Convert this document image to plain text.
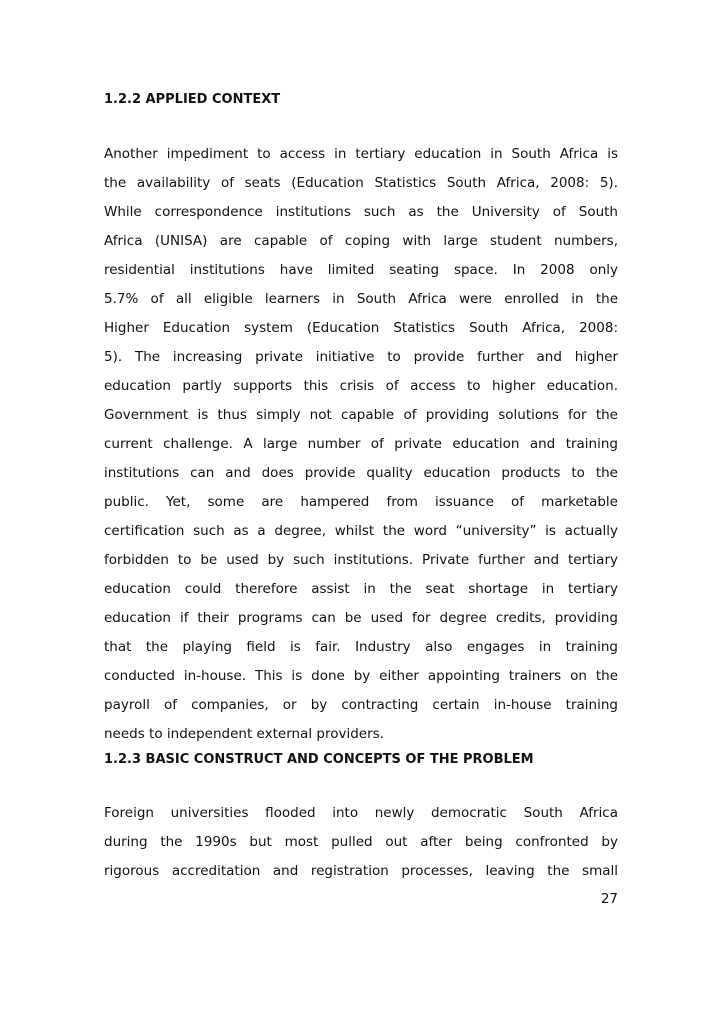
1.2.2 APPLIED CONTEXT
Another impediment to access in tertiary education in South Africa is
the availability of seats (Education Statistics South Africa, 2008: 5).
While correspondence institutions such as the University of South
Africa (UNISA) are capable of coping with large student numbers,
residential institutions have limited seating space. In 2008 only
5.7% of all eligible learners in South Africa were enrolled in the
Higher Education system (Education Statistics South Africa, 2008:
5). The increasing private initiative to provide further and higher
education partly supports this crisis of access to higher education.
Government is thus simply not capable of providing solutions for the
current challenge. A large number of private education and training
institutions can and does provide quality education products to the
public. Yet, some are hampered from issuance of marketable
certification such as a degree, whilst the word “university” is actually
forbidden to be used by such institutions. Private further and tertiary
education could therefore assist in the seat shortage in tertiary
education if their programs can be used for degree credits, providing
that the playing field is fair. Industry also engages in training
conducted in-house. This is done by either appointing trainers on the
payroll of companies, or by contracting certain in-house training
needs to independent external providers.
1.2.3 BASIC CONSTRUCT AND CONCEPTS OF THE PROBLEM
Foreign universities flooded into newly democratic South Africa
during the 1990s but most pulled out after being confronted by
rigorous accreditation and registration processes, leaving the small
27
